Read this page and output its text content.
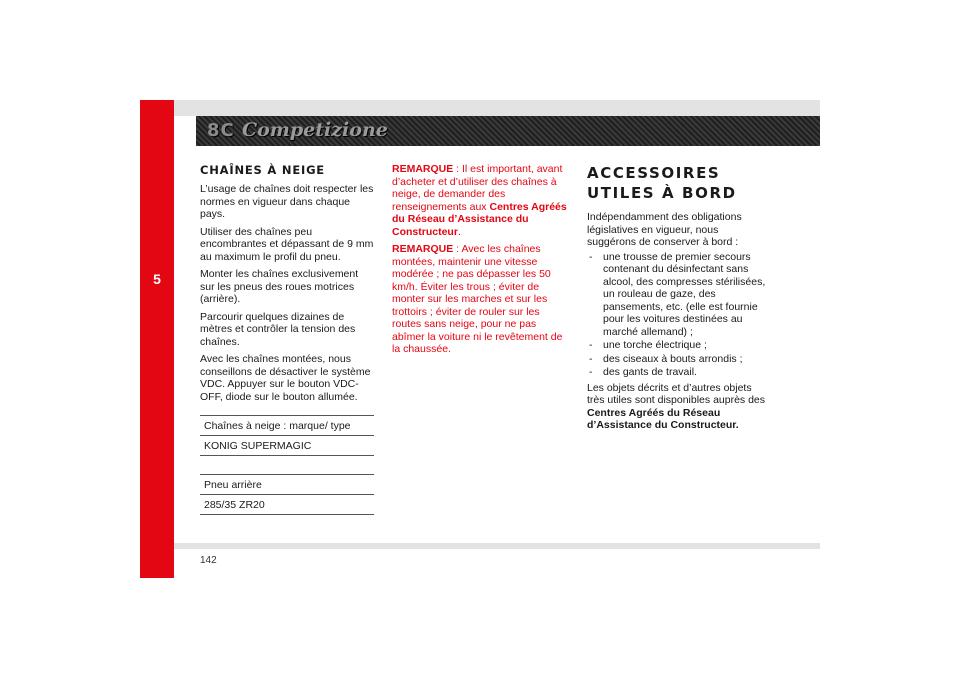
5
8C Competizione
CHAÎNES À NEIGE

L’usage de chaînes doit respecter les normes en vigueur dans chaque pays.

Utiliser des chaînes peu encombrantes et dépassant de 9 mm au maximum le profil du pneu.

Monter les chaînes exclusivement sur les pneus des roues motrices (arrière).

Parcourir quelques dizaines de mètres et contrôler la tension des chaînes.

Avec les chaînes montées, nous conseillons de désactiver le système VDC. Appuyer sur le bouton VDC-OFF, diode sur le bouton allumée.

Chaînes à neige : marque/ type
KONIG SUPERMAGIC
Pneu arrière
285/35 ZR20

REMARQUE : Il est important, avant d’acheter et d’utiliser des chaînes à neige, de demander des renseignements aux Centres Agréés du Réseau d’Assistance du Constructeur.

REMARQUE : Avec les chaînes montées, maintenir une vitesse modérée ; ne pas dépasser les 50 km/h. Éviter les trous ; éviter de monter sur les marches et sur les trottoirs ; éviter de rouler sur les routes sans neige, pour ne pas abîmer la voiture ni le revêtement de la chaussée.

ACCESSOIRES
UTILES À BORD

Indépendamment des obligations législatives en vigueur, nous suggérons de conserver à bord :

- une trousse de premier secours contenant du désinfectant sans alcool, des compresses stérilisées, un rouleau de gaze, des pansements, etc. (elle est fournie pour les voitures destinées au marché allemand) ;
- une torche électrique ;
- des ciseaux à bouts arrondis ;
- des gants de travail.

Les objets décrits et d’autres objets très utiles sont disponibles auprès des Centres Agréés du Réseau d’Assistance du Constructeur.

142
